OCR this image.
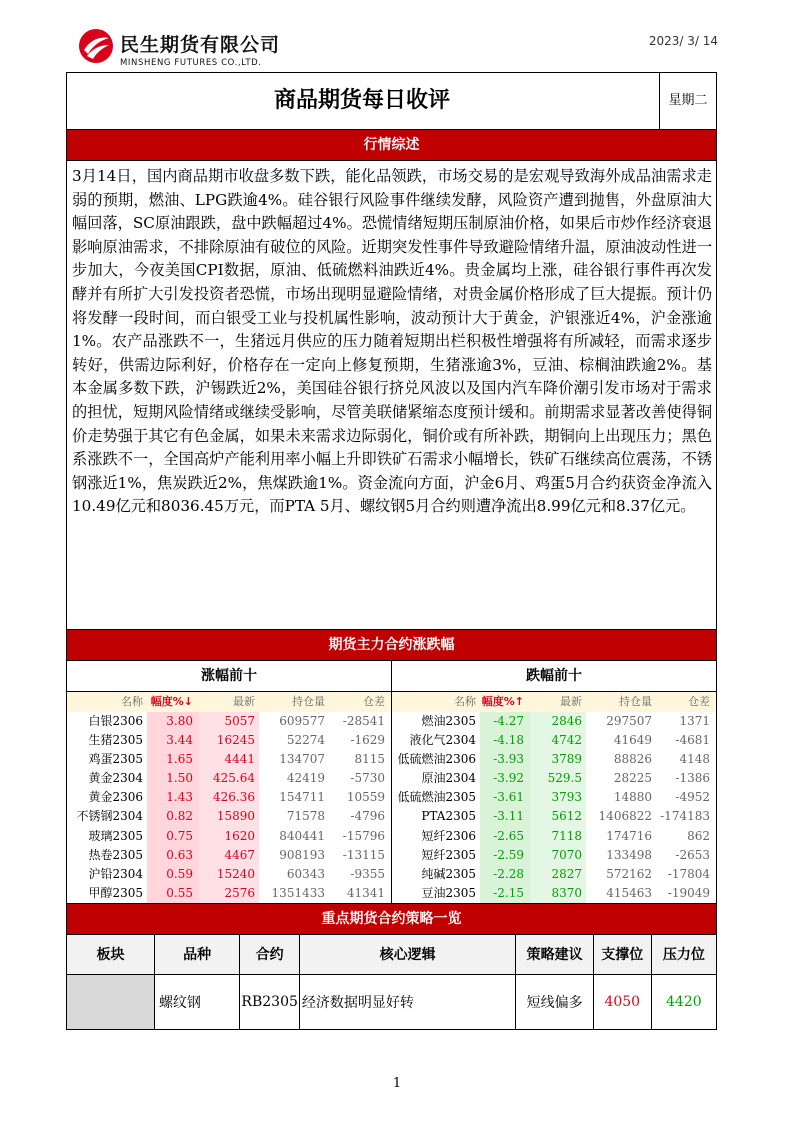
民生期货有限公司
MINSHENG FUTURES CO.,LTD.
2023/ 3/ 14
商品期货每日收评	星期二
行情综述
3月14日，国内商品期市收盘多数下跌，能化品领跌，市场交易的是宏观导致海外成品油需求走弱的预期，燃油、LPG跌逾4%。硅谷银行风险事件继续发酵，风险资产遭到抛售，外盘原油大幅回落，SC原油跟跌，盘中跌幅超过4%。恐慌情绪短期压制原油价格，如果后市炒作经济衰退影响原油需求，不排除原油有破位的风险。近期突发性事件导致避险情绪升温，原油波动性进一步加大，今夜美国CPI数据，原油、低硫燃料油跌近4%。贵金属均上涨，硅谷银行事件再次发酵并有所扩大引发投资者恐慌，市场出现明显避险情绪，对贵金属价格形成了巨大提振。预计仍将发酵一段时间，而白银受工业与投机属性影响，波动预计大于黄金，沪银涨近4%，沪金涨逾1%。农产品涨跌不一，生猪远月供应的压力随着短期出栏积极性增强将有所减轻，而需求逐步转好，供需边际利好，价格存在一定向上修复预期，生猪涨逾3%，豆油、棕榈油跌逾2%。基本金属多数下跌，沪锡跌近2%，美国硅谷银行挤兑风波以及国内汽车降价潮引发市场对于需求的担忧，短期风险情绪或继续受影响，尽管美联储紧缩态度预计缓和。前期需求显著改善使得铜价走势强于其它有色金属，如果未来需求边际弱化，铜价或有所补跌，期铜向上出现压力；黑色系涨跌不一，全国高炉产能利用率小幅上升即铁矿石需求小幅增长，铁矿石继续高位震荡，不锈钢涨近1%，焦炭跌近2%，焦煤跌逾1%。资金流向方面，沪金6月、鸡蛋5月合约获资金净流入10.49亿元和8036.45万元，而PTA 5月、螺纹钢5月合约则遭净流出8.99亿元和8.37亿元。
期货主力合约涨跌幅
涨幅前十	跌幅前十
名称 幅度%↓	最新	持仓量	仓差
白银2306	3.80	5057	609577	-28541
生猪2305	3.44	16245	52274	-1629
鸡蛋2305	1.65	4441	134707	8115
黄金2304	1.50	425.64	42419	-5730
黄金2306	1.43	426.36	154711	10559
不锈钢2304	0.82	15890	71578	-4796
玻璃2305	0.75	1620	840441	-15796
热卷2305	0.63	4467	908193	-13115
沪铅2304	0.59	15240	60343	-9355
甲醇2305	0.55	2576	1351433	41341
名称 幅度%↑	最新	持仓量	仓差
燃油2305	-4.27	2846	297507	1371
液化气2304	-4.18	4742	41649	-4681
低硫燃油2306	-3.93	3789	88826	4148
原油2304	-3.92	529.5	28225	-1386
低硫燃油2305	-3.61	3793	14880	-4952
PTA2305	-3.11	5612	1406822 -174183
短纤2306	-2.65	7118	174716	862
短纤2305	-2.59	7070	133498	-2653
纯碱2305	-2.28	2827	572162	-17804
豆油2305	-2.15	8370	415463	-19049
重点期货合约策略一览
板块	品种	合约	核心逻辑	策略建议	支撑位	压力位
	螺纹钢	RB2305	经济数据明显好转	短线偏多	4050	4420
1
